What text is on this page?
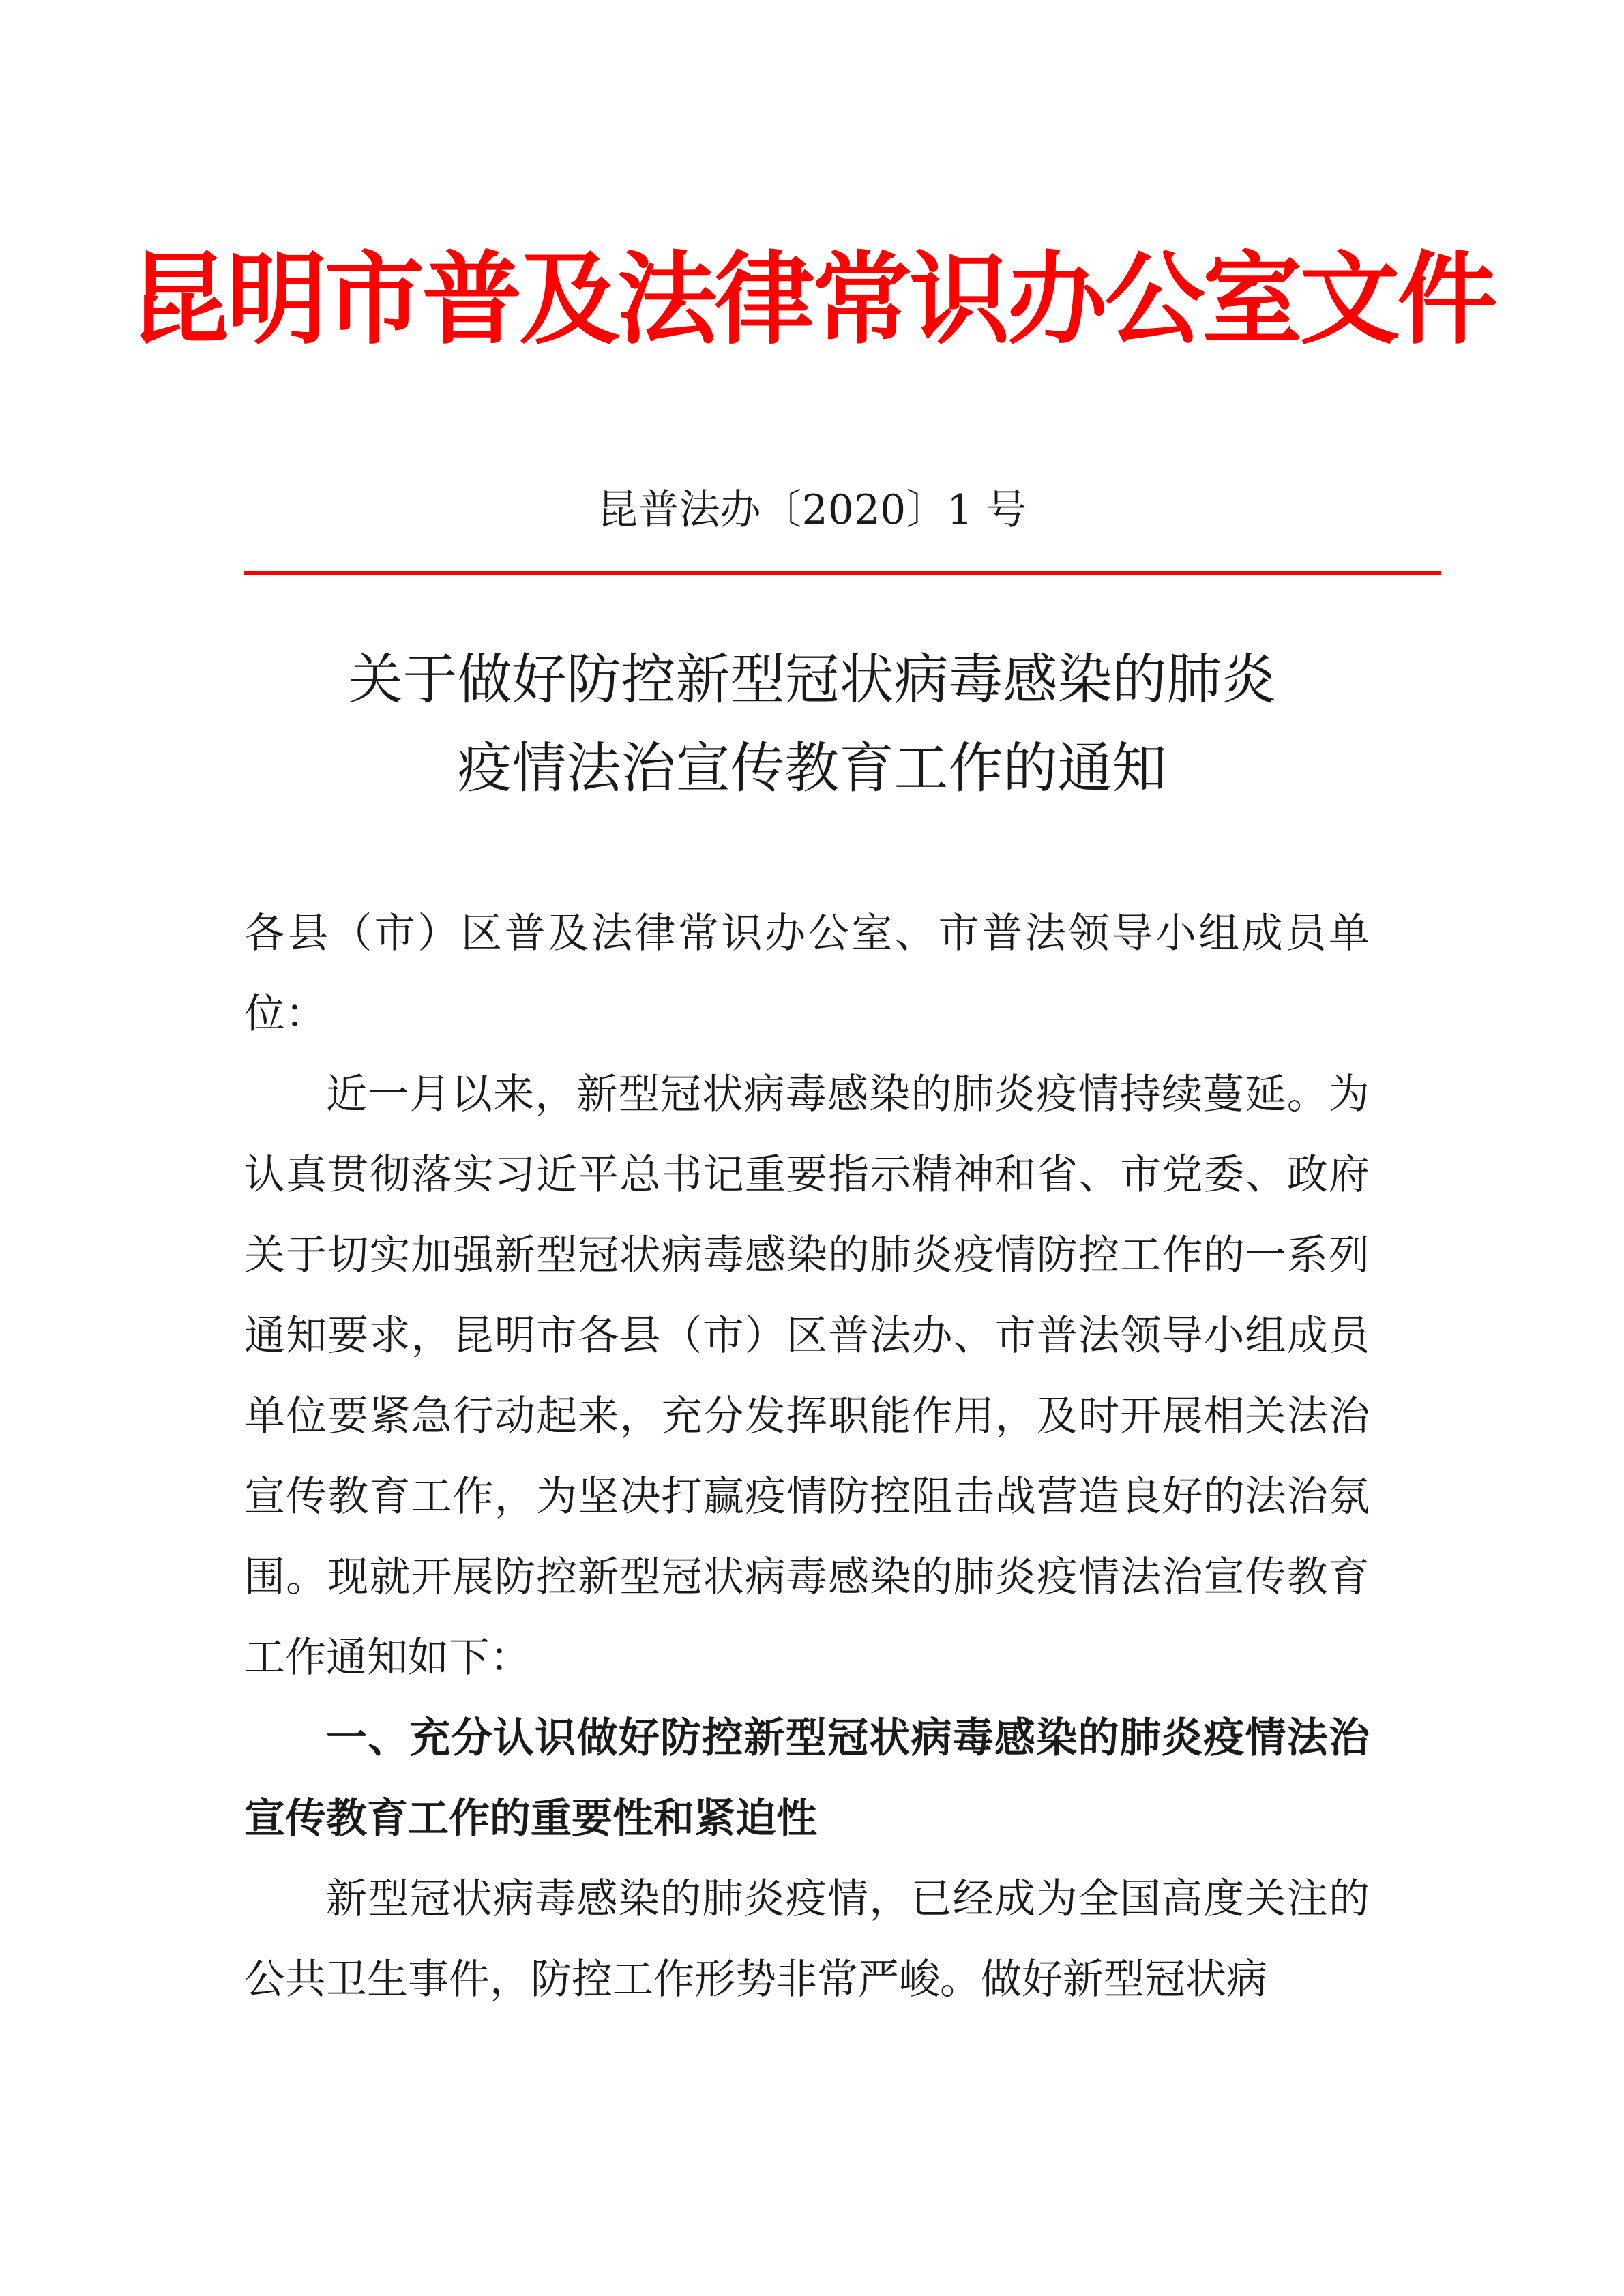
昆明市普及法律常识办公室文件
昆普法办〔2020〕1 号
关于做好防控新型冠状病毒感染的肺炎
疫情法治宣传教育工作的通知

各县（市）区普及法律常识办公室、市普法领导小组成员单位：

近一月以来，新型冠状病毒感染的肺炎疫情持续蔓延。为认真贯彻落实习近平总书记重要指示精神和省、市党委、政府关于切实加强新型冠状病毒感染的肺炎疫情防控工作的一系列通知要求，昆明市各县（市）区普法办、市普法领导小组成员单位要紧急行动起来，充分发挥职能作用，及时开展相关法治宣传教育工作，为坚决打赢疫情防控阻击战营造良好的法治氛围。现就开展防控新型冠状病毒感染的肺炎疫情法治宣传教育工作通知如下：

一、充分认识做好防控新型冠状病毒感染的肺炎疫情法治宣传教育工作的重要性和紧迫性

新型冠状病毒感染的肺炎疫情，已经成为全国高度关注的公共卫生事件，防控工作形势非常严峻。做好新型冠状病
